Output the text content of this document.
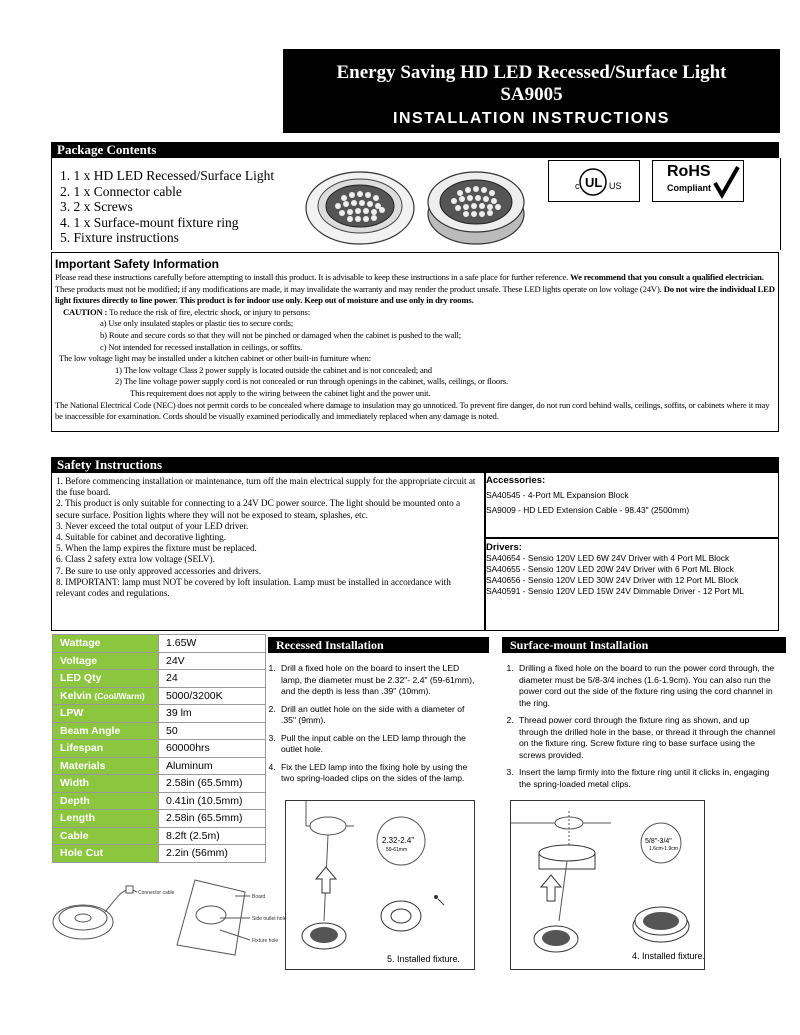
Energy Saving HD LED Recessed/Surface Light
SA9005
INSTALLATION INSTRUCTIONS
Package Contents
1. 1 x HD LED Recessed/Surface Light
2. 1 x Connector cable
3. 2 x Screws
4. 1 x Surface-mount fixture ring
5. Fixture instructions
c UL US
RoHS
Compliant
Important Safety Information

Please read these instructions carefully before attempting to install this product. It is advisable to keep these instructions in a safe place for further reference. We recommend that you consult a qualified electrician. These products must not be modified; if any modifications are made, it may invalidate the warranty and may render the product unsafe. These LED lights operate on low voltage (24V). Do not wire the individual LED light fixtures directly to line power. This product is for indoor use only. Keep out of moisture and use only in dry rooms.

CAUTION : To reduce the risk of fire, electric shock, or injury to persons:

a) Use only insulated staples or plastic ties to secure cords;

b) Route and secure cords so that they will not be pinched or damaged when the cabinet is pushed to the wall;

c) Not intended for recessed installation in ceilings, or soffits.

The low voltage light may be installed under a kitchen cabinet or other built-in furniture when:

1) The low voltage Class 2 power supply is located outside the cabinet and is not concealed; and

2) The line voltage power supply cord is not concealed or run through openings in the cabinet, walls, ceilings, or floors.

This requirement does not apply to the wiring between the cabinet light and the power unit.

The National Electrical Code (NEC) does not permit cords to be concealed where damage to insulation may go unnoticed. To prevent fire danger, do not run cord behind walls, ceilings, soffits, or cabinets where it may be inaccessible for examination. Cords should be visually examined periodically and immediately replaced when any damage is noted.

Safety Instructions

1. Before commencing installation or maintenance, turn off the main electrical supply for the appropriate circuit at the fuse board.

2. This product is only suitable for connecting to a 24V DC power source. The light should be mounted onto a secure surface. Position lights where they will not be exposed to steam, splashes, etc.

3. Never exceed the total output of your LED driver.

4. Suitable for cabinet and decorative lighting.

5. When the lamp expires the fixture must be replaced.

6. Class 2 safety extra low voltage (SELV).

7. Be sure to use only approved accessories and drivers.

8. IMPORTANT: lamp must NOT be covered by loft insulation. Lamp must be installed in accordance with relevant codes and regulations.

Accessories:
SA40545 - 4-Port ML Expansion Block
SA9009 - HD LED Extension Cable - 98.43" (2500mm)
Drivers:
SA40654 - Sensio 120V LED 6W 24V Driver with 4 Port ML Block
SA40655 - Sensio 120V LED 20W 24V Driver with 6 Port ML Block
SA40656 - Sensio 120V LED 30W 24V Driver with 12 Port ML Block
SA40591 - Sensio 120V LED 15W 24V Dimmable Driver - 12 Port ML
Wattage	1.65W
Voltage	24V
LED Qty	24
Kelvin (Cool/Warm)	5000/3200K
LPW	39 lm
Beam Angle	50
Lifespan	60000hrs
Materials	Aluminum
Width	2.58in (65.5mm)
Depth	0.41in (10.5mm)
Length	2.58in (65.5mm)
Cable	8.2ft (2.5m)
Hole Cut	2.2in (56mm)
Connector cable
Board
Side outlet hole
Fixture hole
Recessed Installation
1. Drill a fixed hole on the board to insert the LED lamp, the diameter must be 2.32"- 2.4" (59-61mm), and the depth is less than .39" (10mm).
2. Drill an outlet hole on the side with a diameter of .35" (9mm).
3. Pull the input cable on the LED lamp through the outlet hole.
4. Fix the LED lamp into the fixing hole by using the two spring-loaded clips on the sides of the lamp.
2.32-2.4"
59-61mm
5. Installed fixture.
Surface-mount Installation
1. Drilling a fixed hole on the board to run the power cord through, the diameter must be 5/8-3/4 inches (1.6-1.9cm). You can also run the power cord out the side of the fixture ring using the cord channel in the ring.
2. Thread power cord through the fixture ring as shown, and up through the drilled hole in the base, or thread it through the channel on the fixture ring. Screw fixture ring to base surface using the screws provided.
3. Insert the lamp firmly into the fixture ring until it clicks in, engaging the spring-loaded metal clips.
5/8"-3/4"
1.6cm-1.9cm
4. Installed fixture.
